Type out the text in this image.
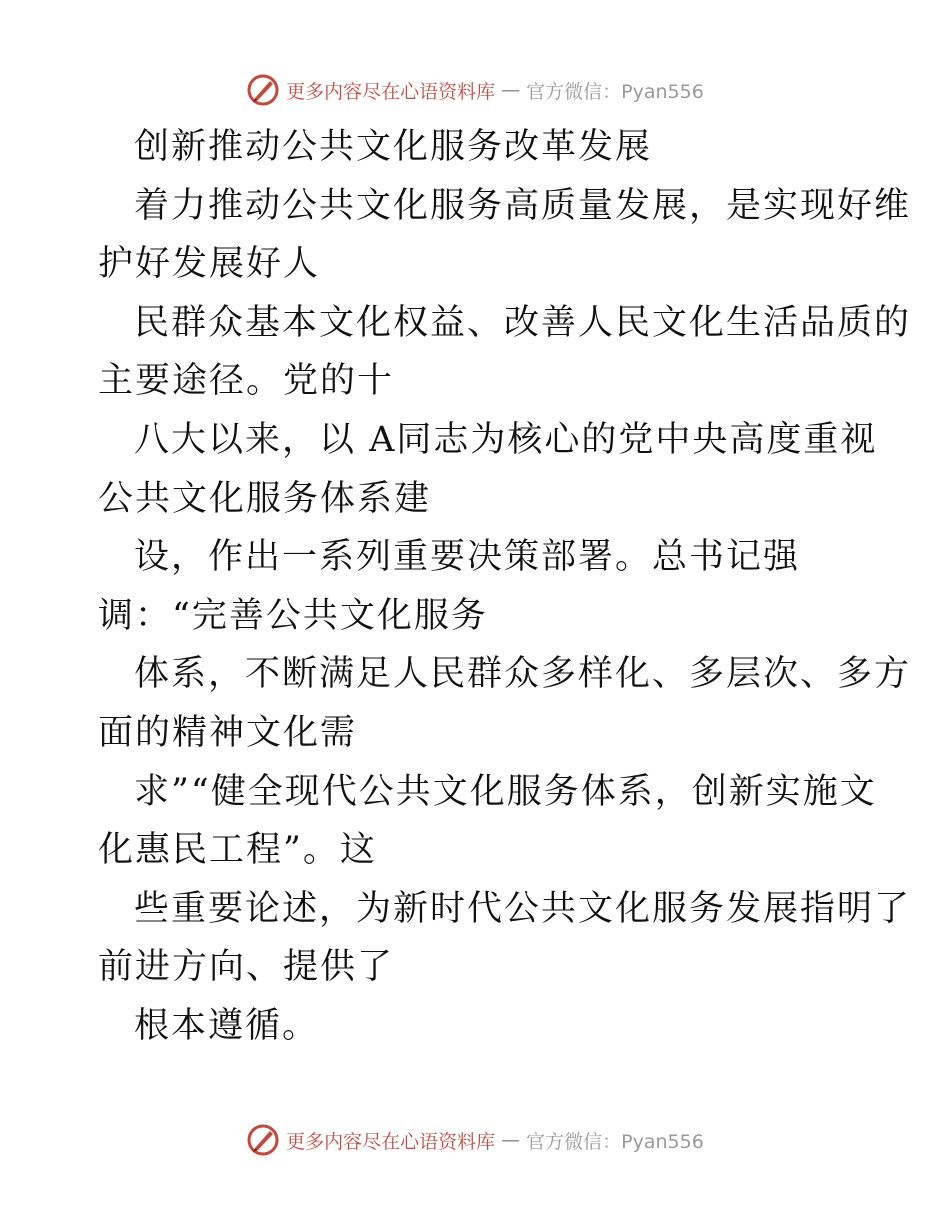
更多内容尽在心语资料库 — 官方微信：Pyan556
创新推动公共文化服务改革发展
着力推动公共文化服务高质量发展，是实现好维
护好发展好人
民群众基本文化权益、改善人民文化生活品质的
主要途径。党的十
八大以来，以 A同志为核心的党中央高度重视
公共文化服务体系建
设，作出一系列重要决策部署。总书记强
调：“完善公共文化服务
体系，不断满足人民群众多样化、多层次、多方
面的精神文化需
求”“健全现代公共文化服务体系，创新实施文
化惠民工程”。这
些重要论述，为新时代公共文化服务发展指明了
前进方向、提供了
根本遵循。
更多内容尽在心语资料库 — 官方微信：Pyan556
